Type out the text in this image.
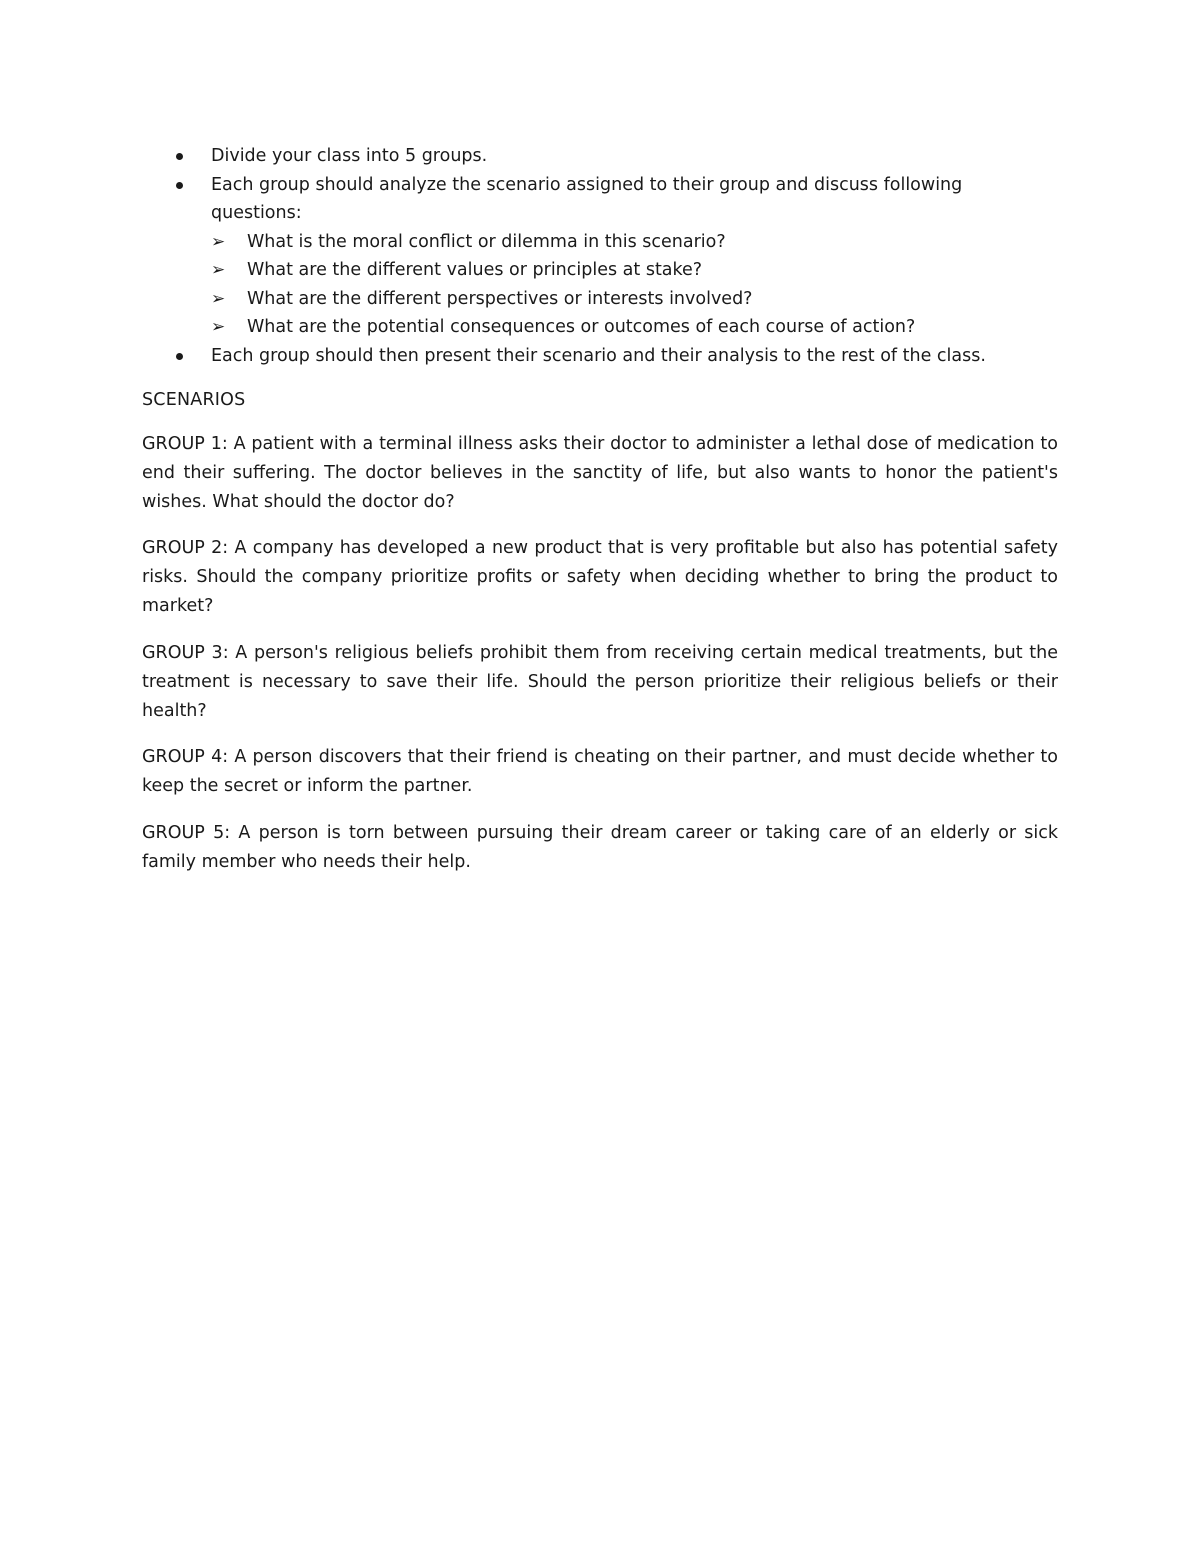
Divide your class into 5 groups.
Each group should analyze the scenario assigned to their group and discuss following questions:
➢ What is the moral conflict or dilemma in this scenario?
➢ What are the different values or principles at stake?
➢ What are the different perspectives or interests involved?
➢ What are the potential consequences or outcomes of each course of action?
Each group should then present their scenario and their analysis to the rest of the class.
SCENARIOS

GROUP 1: A patient with a terminal illness asks their doctor to administer a lethal dose of medication to end their suffering. The doctor believes in the sanctity of life, but also wants to honor the patient's wishes. What should the doctor do?

GROUP 2: A company has developed a new product that is very profitable but also has potential safety risks. Should the company prioritize profits or safety when deciding whether to bring the product to market?

GROUP 3: A person's religious beliefs prohibit them from receiving certain medical treatments, but the treatment is necessary to save their life. Should the person prioritize their religious beliefs or their health?

GROUP 4: A person discovers that their friend is cheating on their partner, and must decide whether to keep the secret or inform the partner.

GROUP 5: A person is torn between pursuing their dream career or taking care of an elderly or sick family member who needs their help.
